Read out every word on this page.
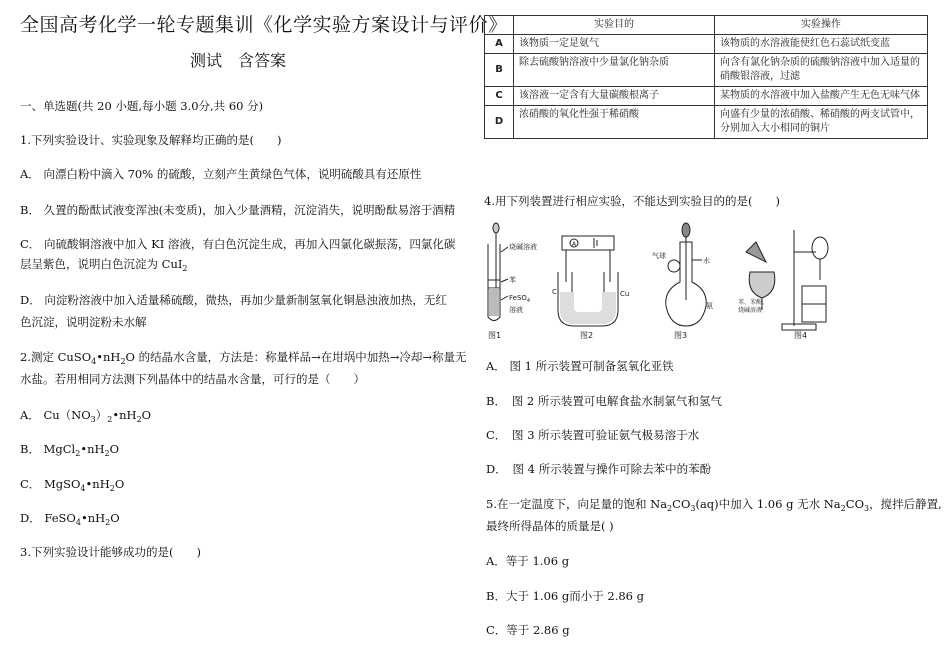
全国高考化学一轮专题集训《化学实验方案设计与评价》
测试　含答案
一、单选题(共 20 小题,每小题 3.0分,共 60 分)
1.下列实验设计、实验现象及解释均正确的是(　　)
A． 向漂白粉中滴入 70% 的硫酸，立刻产生黄绿色气体，说明硫酸具有还原性
B． 久置的酚酞试液变浑浊(未变质)，加入少量酒精，沉淀消失，说明酚酞易溶于酒精
C． 向硫酸铜溶液中加入 KI 溶液，有白色沉淀生成，再加入四氯化碳振荡，四氯化碳
层呈紫色，说明白色沉淀为 CuI$_2$
D． 向淀粉溶液中加入适量稀硫酸，微热，再加少量新制氢氧化铜悬浊液加热，无红
色沉淀，说明淀粉未水解
2.测定 $CuSO_4•nH_2O$ 的结晶水含量，方法是：称量样品→在坩埚中加热→冷却→称量无
水盐。若用相同方法测下列晶体中的结晶水含量，可行的是（　　）
A． $Cu(NO_3)_2•nH_2O$
B． $MgCl_2•nH_2O$
C． $MgSO_4•nH_2O$
D． $FeSO_4•nH_2O$
3.下列实验设计能够成功的是(　　)
	实验目的	实验操作
A	该物质一定是氨气	该物质的水溶液能使红色石蕊试纸变蓝
B	除去硫酸钠溶液中少量氯化钠杂质	向含有氯化钠杂质的硫酸钠溶液中加入适量的硝酸银溶液，过滤
C	该溶液一定含有大量碳酸根离子	某物质的水溶液中加入盐酸产生无色无味气体
D	浓硝酸的氧化性强于稀硝酸	向盛有少量的浓硝酸、稀硝酸的两支试管中，分别加入大小相同的铜片
4.用下列装置进行相应实验，不能达到实验目的的是(　　)
烧碱溶液
苯
FeSO$_4$
溶液
图1
A
C	Cu
图2
水
气球
氨
图3
苯、苯酚、
烧碱溶液
图4
A． 图 1 所示装置可制备氢氧化亚铁
B．　图 2 所示装置可电解食盐水制氯气和氢气
C．　图 3 所示装置可验证氨气极易溶于水
D．　图 4 所示装置与操作可除去苯中的苯酚
5.在一定温度下，向足量的饱和 $Na_2CO_3(aq)$中加入 1.06 g 无水 $Na_2CO_3$，搅拌后静置,
最终所得晶体的质量是( )
A．等于 1.06 g
B．大于 1.06 g而小于 2.86 g
C．等于 2.86 g
